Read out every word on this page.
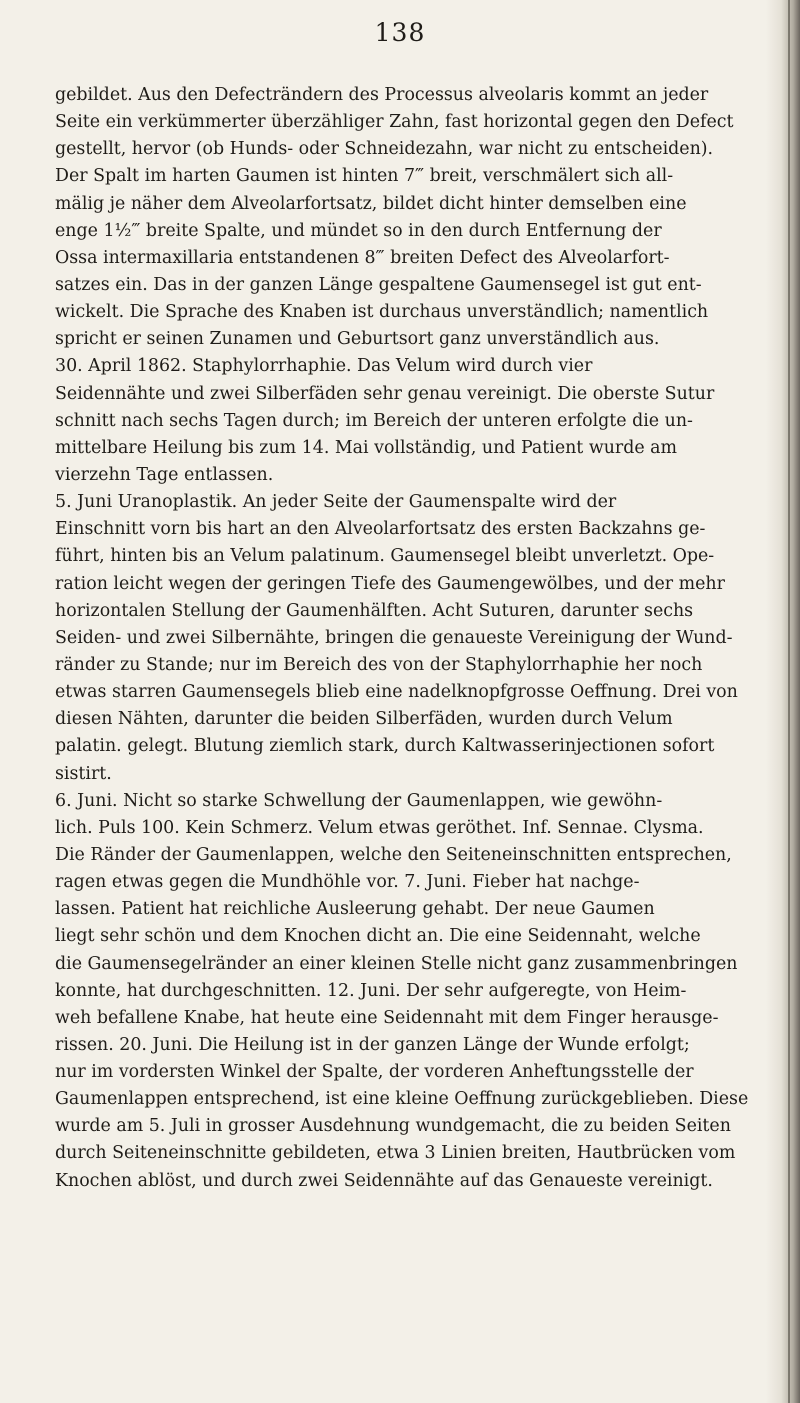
138
gebildet. Aus den Defecträndern des Processus alveolaris kommt an jeder
Seite ein verkümmerter überzähliger Zahn, fast horizontal gegen den Defect
gestellt, hervor (ob Hunds- oder Schneidezahn, war nicht zu entscheiden).
Der Spalt im harten Gaumen ist hinten 7‴ breit, verschmälert sich all-
mälig je näher dem Alveolarfortsatz, bildet dicht hinter demselben eine
enge 1½‴ breite Spalte, und mündet so in den durch Entfernung der
Ossa intermaxillaria entstandenen 8‴ breiten Defect des Alveolarfort-
satzes ein. Das in der ganzen Länge gespaltene Gaumensegel ist gut ent-
wickelt. Die Sprache des Knaben ist durchaus unverständlich; namentlich
spricht er seinen Zunamen und Geburtsort ganz unverständlich aus.
30. April 1862. Staphylorrhaphie. Das Velum wird durch vier
Seidennähte und zwei Silberfäden sehr genau vereinigt. Die oberste Sutur
schnitt nach sechs Tagen durch; im Bereich der unteren erfolgte die un-
mittelbare Heilung bis zum 14. Mai vollständig, und Patient wurde am
vierzehn Tage entlassen.
5. Juni Uranoplastik. An jeder Seite der Gaumenspalte wird der
Einschnitt vorn bis hart an den Alveolarfortsatz des ersten Backzahns ge-
führt, hinten bis an Velum palatinum. Gaumensegel bleibt unverletzt. Ope-
ration leicht wegen der geringen Tiefe des Gaumengewölbes, und der mehr
horizontalen Stellung der Gaumenhälften. Acht Suturen, darunter sechs
Seiden- und zwei Silbernähte, bringen die genaueste Vereinigung der Wund-
ränder zu Stande; nur im Bereich des von der Staphylorrhaphie her noch
etwas starren Gaumensegels blieb eine nadelknopfgrosse Oeffnung. Drei von
diesen Nähten, darunter die beiden Silberfäden, wurden durch Velum
palatin. gelegt. Blutung ziemlich stark, durch Kaltwasserinjectionen sofort
sistirt.
6. Juni. Nicht so starke Schwellung der Gaumenlappen, wie gewöhn-
lich. Puls 100. Kein Schmerz. Velum etwas geröthet. Inf. Sennae. Clysma.
Die Ränder der Gaumenlappen, welche den Seiteneinschnitten entsprechen,
ragen etwas gegen die Mundhöhle vor. 7. Juni. Fieber hat nachge-
lassen. Patient hat reichliche Ausleerung gehabt. Der neue Gaumen
liegt sehr schön und dem Knochen dicht an. Die eine Seidennaht, welche
die Gaumensegelränder an einer kleinen Stelle nicht ganz zusammenbringen
konnte, hat durchgeschnitten. 12. Juni. Der sehr aufgeregte, von Heim-
weh befallene Knabe, hat heute eine Seidennaht mit dem Finger herausge-
rissen. 20. Juni. Die Heilung ist in der ganzen Länge der Wunde erfolgt;
nur im vordersten Winkel der Spalte, der vorderen Anheftungsstelle der
Gaumenlappen entsprechend, ist eine kleine Oeffnung zurückgeblieben. Diese
wurde am 5. Juli in grosser Ausdehnung wundgemacht, die zu beiden Seiten
durch Seiteneinschnitte gebildeten, etwa 3 Linien breiten, Hautbrücken vom
Knochen ablöst, und durch zwei Seidennähte auf das Genaueste vereinigt.
